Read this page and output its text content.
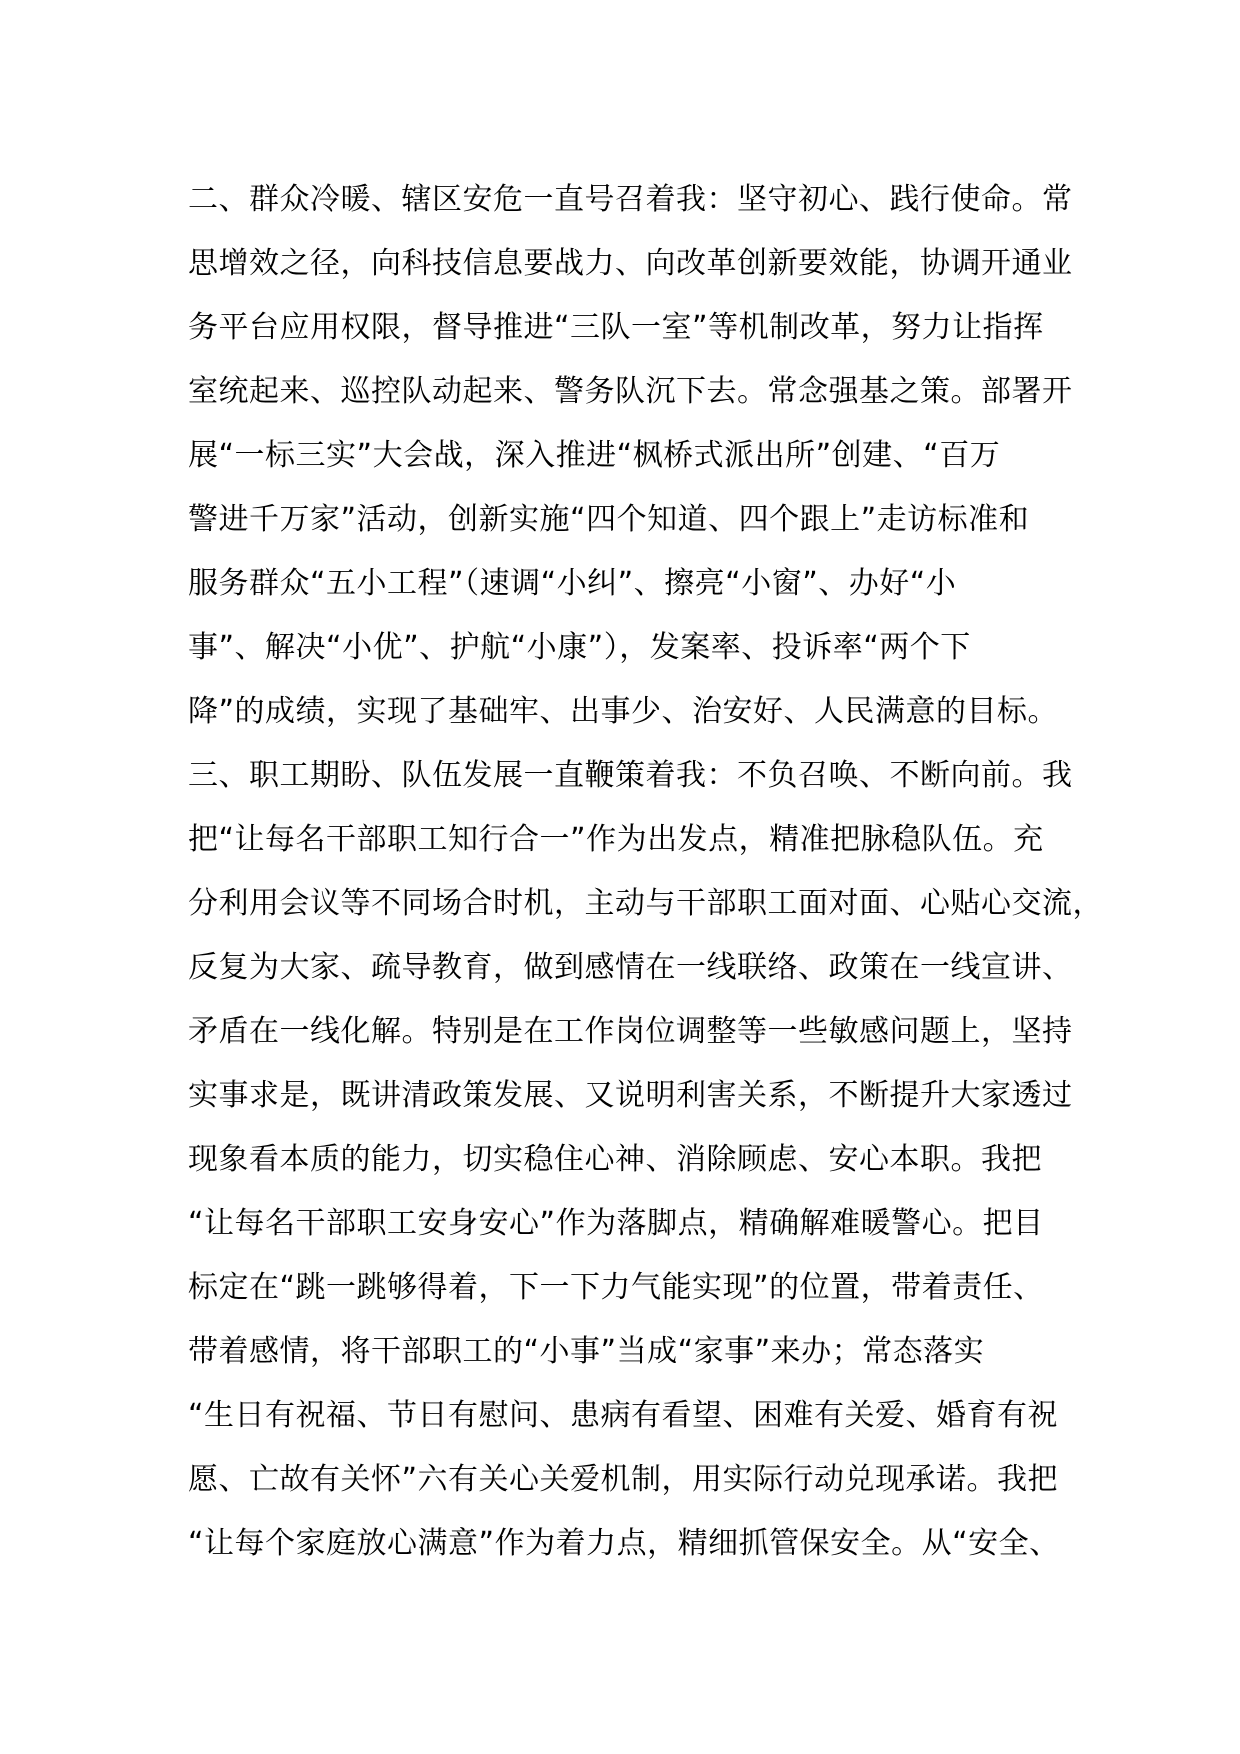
二、群众冷暖、辖区安危一直号召着我：坚守初心、践行使命。常
思增效之径，向科技信息要战力、向改革创新要效能，协调开通业
务平台应用权限，督导推进“三队一室”等机制改革，努力让指挥
室统起来、巡控队动起来、警务队沉下去。常念强基之策。部署开
展“一标三实”大会战，深入推进“枫桥式派出所”创建、“百万
警进千万家”活动，创新实施“四个知道、四个跟上”走访标准和
服务群众“五小工程”（速调“小纠”、擦亮“小窗”、办好“小
事”、解决“小优”、护航“小康”），发案率、投诉率“两个下
降”的成绩，实现了基础牢、出事少、治安好、人民满意的目标。
三、职工期盼、队伍发展一直鞭策着我：不负召唤、不断向前。我
把“让每名干部职工知行合一”作为出发点，精准把脉稳队伍。充
分利用会议等不同场合时机，主动与干部职工面对面、心贴心交流，
反复为大家、疏导教育，做到感情在一线联络、政策在一线宣讲、
矛盾在一线化解。特别是在工作岗位调整等一些敏感问题上，坚持
实事求是，既讲清政策发展、又说明利害关系，不断提升大家透过
现象看本质的能力，切实稳住心神、消除顾虑、安心本职。我把
“让每名干部职工安身安心”作为落脚点，精确解难暖警心。把目
标定在“跳一跳够得着，下一下力气能实现”的位置，带着责任、
带着感情，将干部职工的“小事”当成“家事”来办；常态落实
“生日有祝福、节日有慰问、患病有看望、困难有关爱、婚育有祝
愿、亡故有关怀”六有关心关爱机制，用实际行动兑现承诺。我把
“让每个家庭放心满意”作为着力点，精细抓管保安全。从“安全、
